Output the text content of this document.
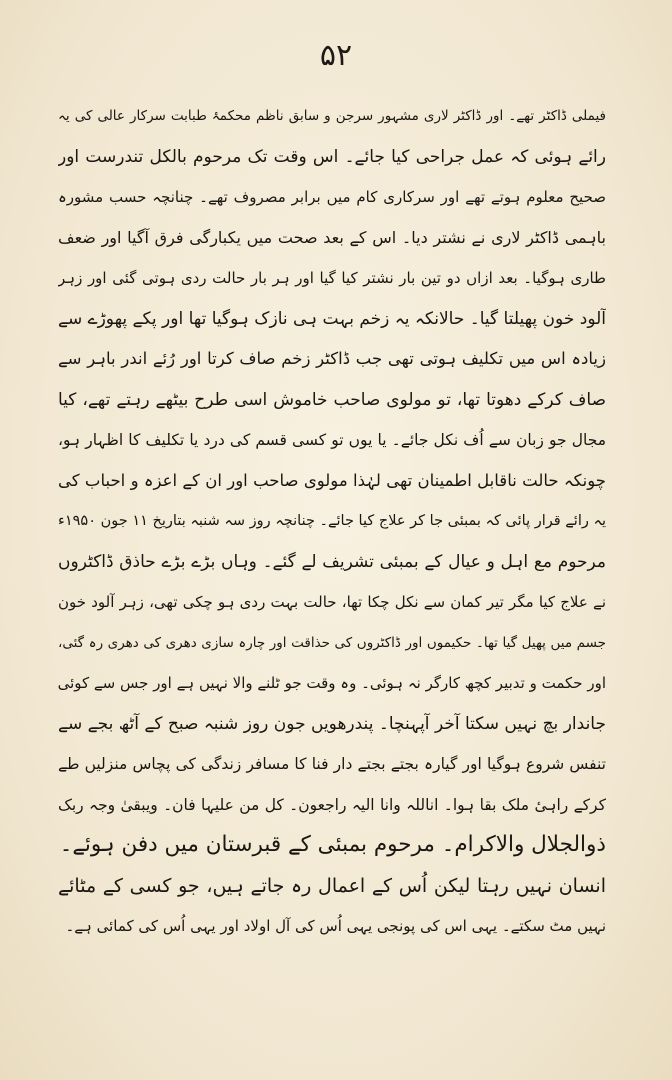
۵۲
فیملی ڈاکٹر تھے۔ اور ڈاکٹر لاری مشہور سرجن و سابق ناظم محکمۂ طبابت سرکار عالی کی یہ
رائے ہوئی کہ عمل جراحی کیا جائے۔ اس وقت تک مرحوم بالکل تندرست اور
صحیح معلوم ہوتے تھے اور سرکاری کام میں برابر مصروف تھے۔ چنانچہ حسب مشورہ
باہمی ڈاکٹر لاری نے نشتر دیا۔ اس کے بعد صحت میں یکبارگی فرق آگیا اور ضعف
طاری ہوگیا۔ بعد ازاں دو تین بار نشتر کیا گیا اور ہر بار حالت ردی ہوتی گئی اور زہر
آلود خون پھیلتا گیا۔ حالانکہ یہ زخم بہت ہی نازک ہوگیا تھا اور پکے پھوڑے سے
زیادہ اس میں تکلیف ہوتی تھی جب ڈاکٹر زخم صاف کرتا اور رُئے اندر باہر سے
صاف کرکے دھوتا تھا، تو مولوی صاحب خاموش اسی طرح بیٹھے رہتے تھے، کیا
مجال جو زبان سے اُف نکل جائے۔ یا یوں تو کسی قسم کی درد یا تکلیف کا اظہار ہو،
چونکہ حالت ناقابل اطمینان تھی لہٰذا مولوی صاحب اور ان کے اعزہ و احباب کی
یہ رائے قرار پائی کہ بمبئی جا کر علاج کیا جائے۔ چنانچہ روز سہ شنبہ بتاریخ ۱۱ جون ۱۹۵۰ء
مرحوم مع اہل و عیال کے بمبئی تشریف لے گئے۔ وہاں بڑے بڑے حاذق ڈاکٹروں
نے علاج کیا مگر تیر کمان سے نکل چکا تھا، حالت بہت ردی ہو چکی تھی، زہر آلود خون
جسم میں پھیل گیا تھا۔ حکیموں اور ڈاکٹروں کی حذاقت اور چارہ سازی دھری کی دھری رہ گئی،
اور حکمت و تدبیر کچھ کارگر نہ ہوئی۔ وہ وقت جو ٹلنے والا نہیں ہے اور جس سے کوئی
جاندار بچ نہیں سکتا آخر آپہنچا۔ پندرھویں جون روز شنبہ صبح کے آٹھ بجے سے
تنفس شروع ہوگیا اور گیارہ بجتے بجتے دار فنا کا مسافر زندگی کی پچاس منزلیں طے
کرکے راہیٔ ملک بقا ہوا۔ اناللہ وانا الیہ راجعون۔ کل من علیہا فان۔ ویبقیٰ وجہ ربک
ذوالجلال والاکرام۔ مرحوم بمبئی کے قبرستان میں دفن ہوئے۔
انسان نہیں رہتا لیکن اُس کے اعمال رہ جاتے ہیں، جو کسی کے مٹائے
نہیں مٹ سکتے۔ یہی اس کی پونجی یہی اُس کی آل اولاد اور یہی اُس کی کمائی ہے۔
